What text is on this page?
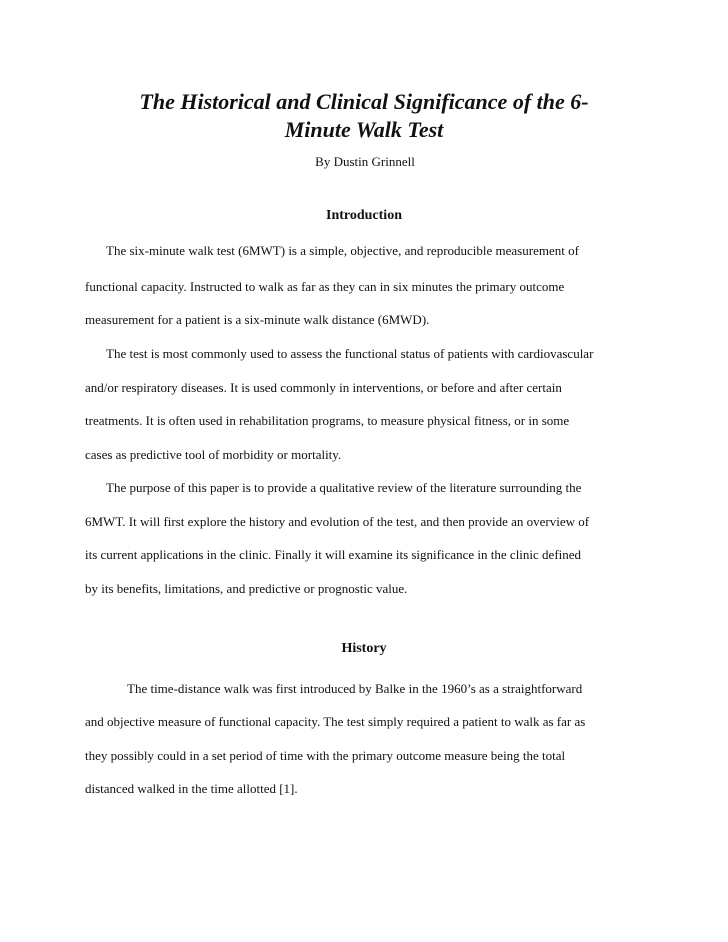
The Historical and Clinical Significance of the 6-
Minute Walk Test

By Dustin Grinnell

Introduction

The six-minute walk test (6MWT) is a simple, objective, and reproducible measurement of

functional capacity. Instructed to walk as far as they can in six minutes the primary outcome

measurement for a patient is a six-minute walk distance (6MWD).

The test is most commonly used to assess the functional status of patients with cardiovascular

and/or respiratory diseases. It is used commonly in interventions, or before and after certain

treatments. It is often used in rehabilitation programs, to measure physical fitness, or in some

cases as predictive tool of morbidity or mortality.

The purpose of this paper is to provide a qualitative review of the literature surrounding the

6MWT. It will first explore the history and evolution of the test, and then provide an overview of

its current applications in the clinic. Finally it will examine its significance in the clinic defined

by its benefits, limitations, and predictive or prognostic value.

History

The time-distance walk was first introduced by Balke in the 1960’s as a straightforward

and objective measure of functional capacity. The test simply required a patient to walk as far as

they possibly could in a set period of time with the primary outcome measure being the total

distanced walked in the time allotted [1].
